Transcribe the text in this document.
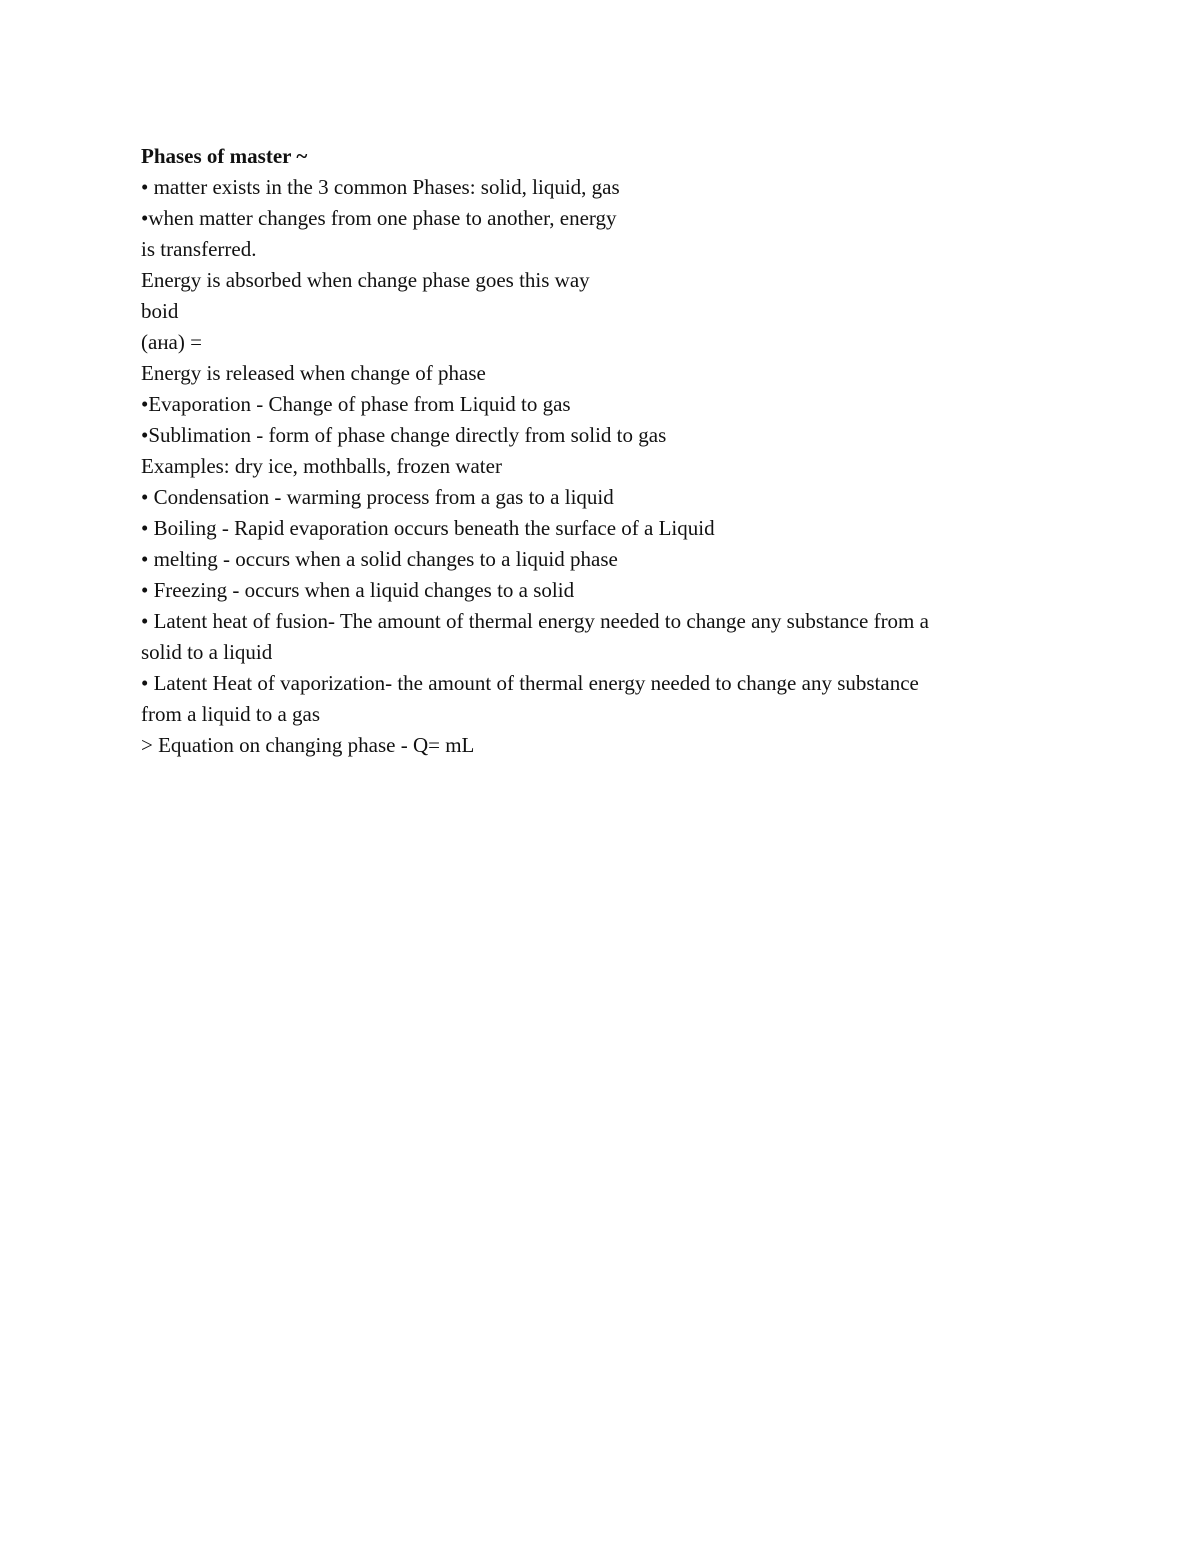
Phases of master ~
• matter exists in the 3 common Phases: solid, liquid, gas
•when matter changes from one phase to another, energy
is transferred.
Energy is absorbed when change phase goes this way
boid
(ана) =
Energy is released when change of phase
•Evaporation - Change of phase from Liquid to gas
•Sublimation - form of phase change directly from solid to gas
Examples: dry ice, mothballs, frozen water
• Condensation - warming process from a gas to a liquid
• Boiling - Rapid evaporation occurs beneath the surface of a Liquid
• melting - occurs when a solid changes to a liquid phase
• Freezing - occurs when a liquid changes to a solid
• Latent heat of fusion- The amount of thermal energy needed to change any substance from a
solid to a liquid
• Latent Heat of vaporization- the amount of thermal energy needed to change any substance
from a liquid to a gas
> Equation on changing phase - Q= mL
